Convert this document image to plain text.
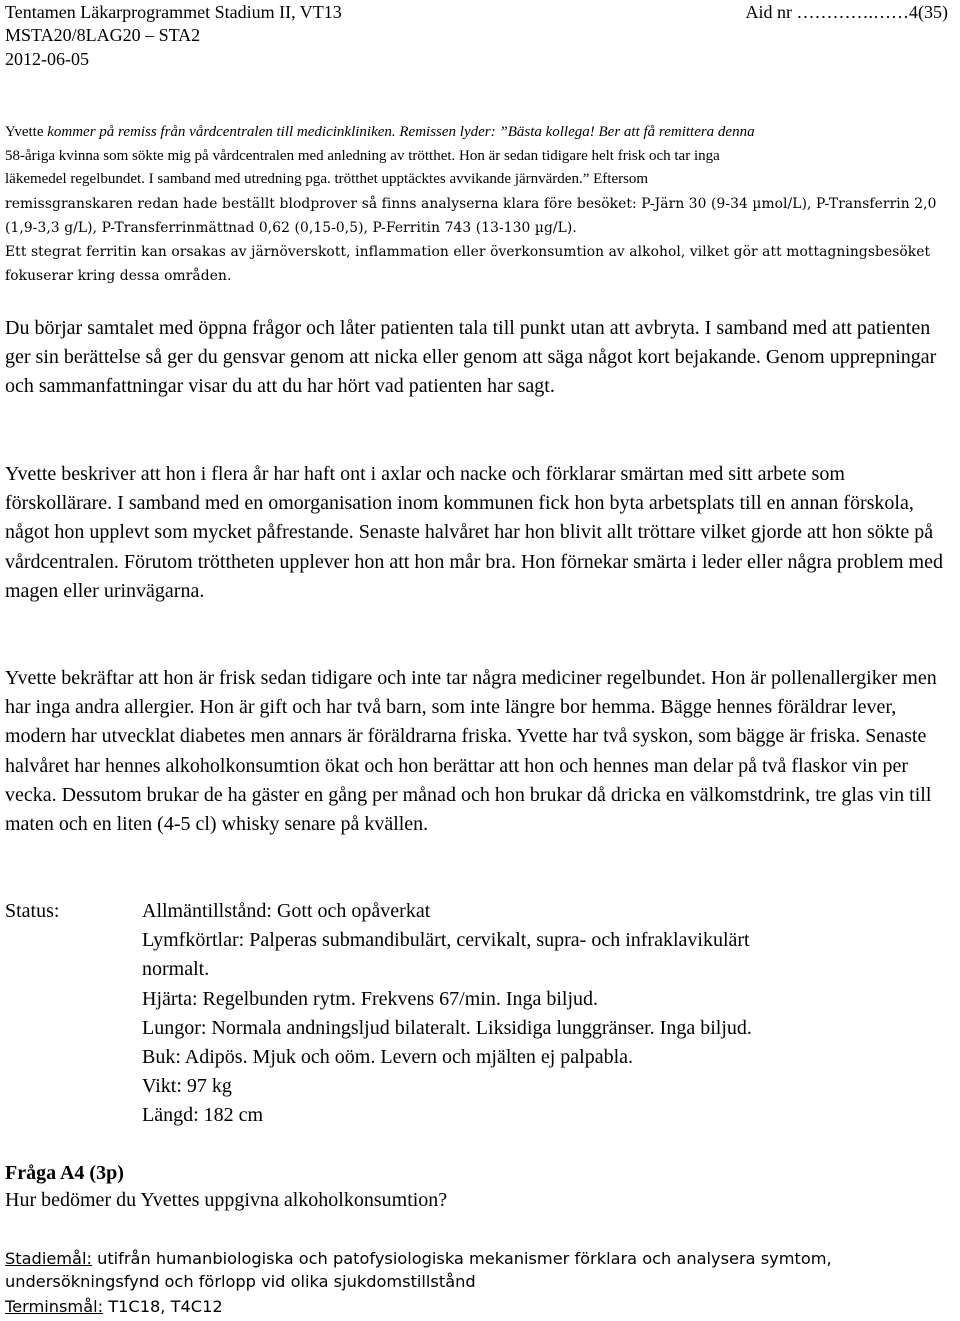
Tentamen Läkarprogrammet Stadium II, VT13	Aid nr ………….……4(35)
MSTA20/8LAG20 – STA2
2012-06-05
Yvette kommer på remiss från vårdcentralen till medicinkliniken. Remissen lyder: ”Bästa kollega! Ber att få remittera denna
58-åriga kvinna som sökte mig på vårdcentralen med anledning av trötthet. Hon är sedan tidigare helt frisk och tar inga
läkemedel regelbundet. I samband med utredning pga. trötthet upptäcktes avvikande järnvärden.” Eftersom
remissgranskaren redan hade beställt blodprover så finns analyserna klara före besöket: P-Järn 30 (9-34 µmol/L), P-Transferrin 2,0 (1,9-3,3 g/L), P-Transferrinmättnad 0,62 (0,15-0,5), P-Ferritin 743 (13-130 µg/L).
Ett stegrat ferritin kan orsakas av järnöverskott, inflammation eller överkonsumtion av alkohol, vilket gör att mottagningsbesöket fokuserar kring dessa områden.
Du börjar samtalet med öppna frågor och låter patienten tala till punkt utan att avbryta. I samband med att patienten ger sin berättelse så ger du gensvar genom att nicka eller genom att säga något kort bejakande. Genom upprepningar och sammanfattningar visar du att du har hört vad patienten har sagt.
Yvette beskriver att hon i flera år har haft ont i axlar och nacke och förklarar smärtan med sitt arbete som förskollärare. I samband med en omorganisation inom kommunen fick hon byta arbetsplats till en annan förskola, något hon upplevt som mycket påfrestande. Senaste halvåret har hon blivit allt tröttare vilket gjorde att hon sökte på vårdcentralen. Förutom tröttheten upplever hon att hon mår bra. Hon förnekar smärta i leder eller några problem med magen eller urinvägarna.
Yvette bekräftar att hon är frisk sedan tidigare och inte tar några mediciner regelbundet. Hon är pollenallergiker men har inga andra allergier. Hon är gift och har två barn, som inte längre bor hemma. Bägge hennes föräldrar lever, modern har utvecklat diabetes men annars är föräldrarna friska. Yvette har två syskon, som bägge är friska. Senaste halvåret har hennes alkoholkonsumtion ökat och hon berättar att hon och hennes man delar på två flaskor vin per vecka. Dessutom brukar de ha gäster en gång per månad och hon brukar då dricka en välkomstdrink, tre glas vin till maten och en liten (4-5 cl) whisky senare på kvällen.
Status:	Allmäntillstånd: Gott och opåverkat
Lymfkörtlar: Palperas submandibulärt, cervikalt, supra- och infraklavikulärt
normalt.
Hjärta: Regelbunden rytm. Frekvens 67/min. Inga biljud.
Lungor: Normala andningsljud bilateralt. Liksidiga lunggränser. Inga biljud.
Buk: Adipös. Mjuk och oöm. Levern och mjälten ej palpabla.
Vikt: 97 kg
Längd: 182 cm
Fråga A4 (3p)
Hur bedömer du Yvettes uppgivna alkoholkonsumtion?
Stadiemål: utifrån humanbiologiska och patofysiologiska mekanismer förklara och analysera symtom, undersökningsfynd och förlopp vid olika sjukdomstillstånd
Terminsmål: T1C18, T4C12
